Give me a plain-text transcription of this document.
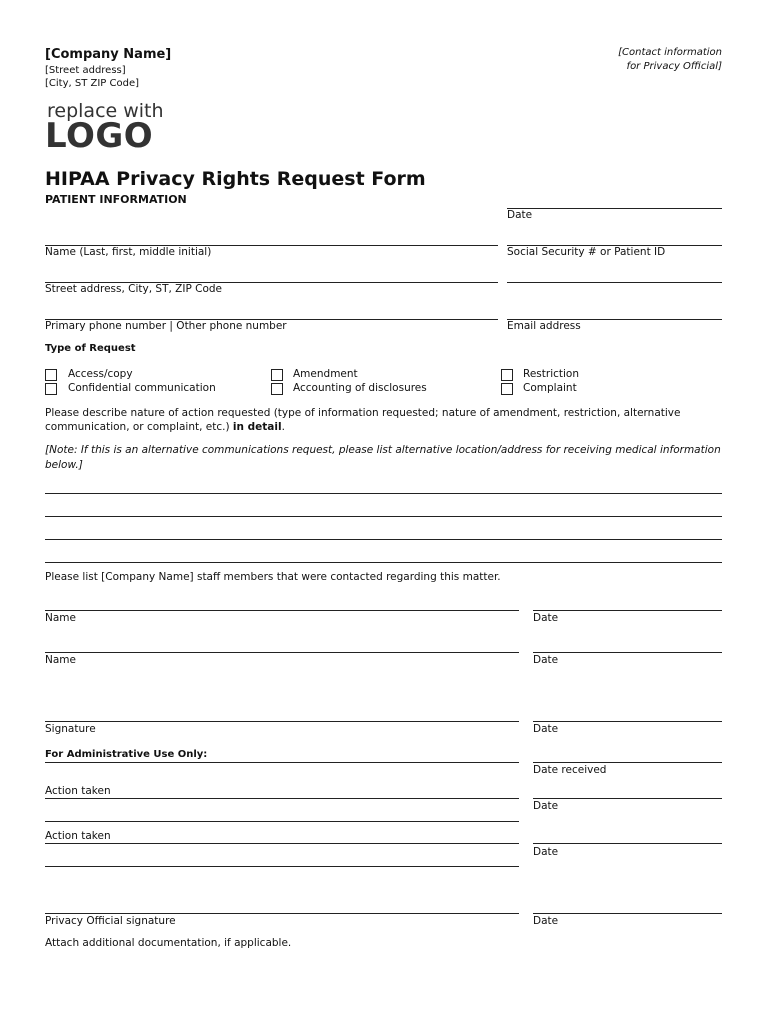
[Company Name]
[Street address]
[City, ST ZIP Code]
[Contact information
for Privacy Official]
replace with
LOGO
HIPAA Privacy Rights Request Form
PATIENT INFORMATION
Date
Name (Last, first, middle initial)	Social Security # or Patient ID
Street address, City, ST, ZIP Code
Primary phone number | Other phone number	Email address
Type of Request
Access/copy
Confidential communication
Amendment
Accounting of disclosures
Restriction
Complaint
Please describe nature of action requested (type of information requested; nature of amendment, restriction, alternative communication, or complaint, etc.) in detail.
[Note: If this is an alternative communications request, please list alternative location/address for receiving medical information below.]
Please list [Company Name] staff members that were contacted regarding this matter.
Name	Date
Name	Date
Signature	Date
For Administrative Use Only:
Date received
Action taken
Date
Action taken
Date
Privacy Official signature	Date
Attach additional documentation, if applicable.
